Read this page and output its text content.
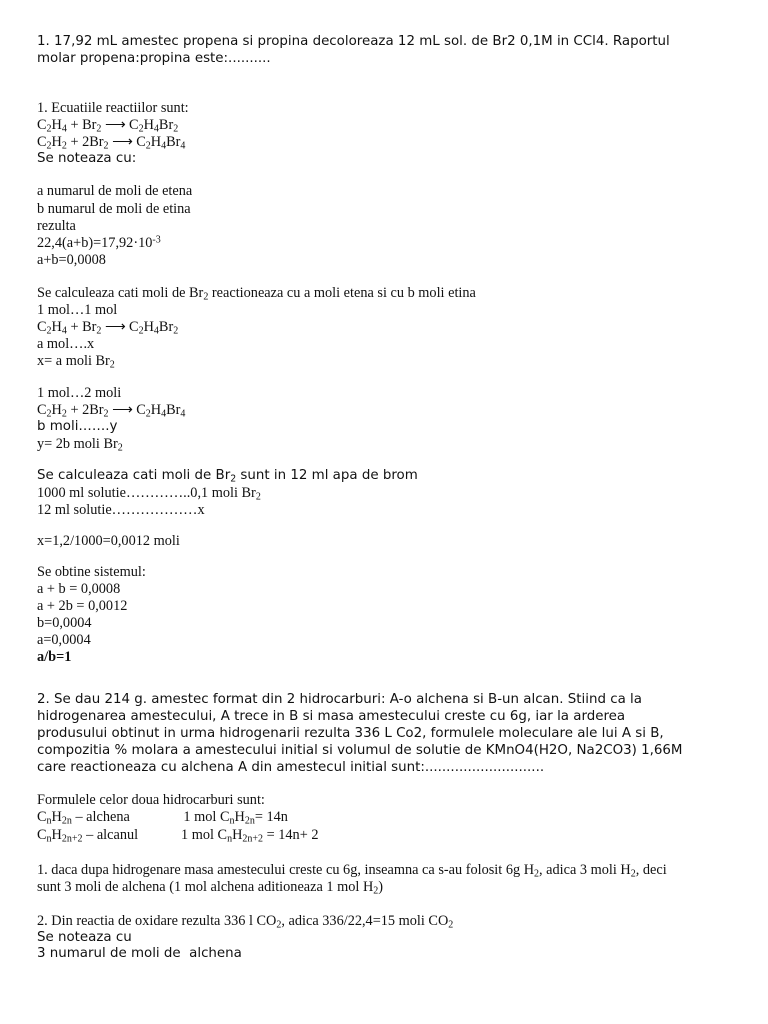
1. 17,92 mL amestec propena si propina decoloreaza 12 mL sol. de Br2 0,1M in CCl4. Raportul
molar propena:propina este:..........
1. Ecuatiile reactiilor sunt:
$C_2H_4 + Br_2$ ⟶ $C_2H_4Br_2$
$C_2H_2 + 2Br_2$ ⟶ $C_2H_4Br_4$
Se noteaza cu:
a numarul de moli de etena
b numarul de moli de etina
rezulta
$22,4(a+b)=17,92\cdot 10^{-3}$
a+b=0,0008
Se calculeaza cati moli de $Br_2$ reactioneaza cu a moli etena si cu b moli etina
1 mol…1 mol
$C_2H_4 + Br_2$ ⟶ $C_2H_4Br_2$
a mol….x
x= a moli $Br_2$
1 mol…2 moli
$C_2H_2 + 2Br_2$ ⟶ $C_2H_4Br_4$
b moli…….y
y= 2b moli $Br_2$
Se calculeaza cati moli de $Br_2$ sunt in 12 ml apa de brom
1000 ml solutie…………..0,1 moli $Br_2$
12 ml solutie………………x
x=1,2/1000=0,0012 moli
Se obtine sistemul:
a + b = 0,0008
a + 2b = 0,0012
b=0,0004
a=0,0004
a/b=1
2. Se dau 214 g. amestec format din 2 hidrocarburi: A-o alchena si B-un alcan. Stiind ca la
hidrogenarea amestecului, A trece in B si masa amestecului creste cu 6g, iar la arderea
produsului obtinut in urma hidrogenarii rezulta 336 L Co2, formulele moleculare ale lui A si B,
compozitia % molara a amestecului initial si volumul de solutie de KMnO4(H2O, Na2CO3) 1,66M
care reactioneaza cu alchena A din amestecul initial sunt:............................
Formulele celor doua hidrocarburi sunt:
$C_nH_{2n}$ – alchena               1 mol $C_nH_{2n}= 14n$
$C_nH_{2n+2}$ – alcanul            1 mol $C_nH_{2n+2} = 14n+ 2$
1. daca dupa hidrogenare masa amestecului creste cu 6g, inseamna ca s-au folosit 6g $H_2$, adica 3 moli $H_2$, deci
sunt 3 moli de alchena (1 mol alchena aditioneaza 1 mol $H_2$)
2. Din reactia de oxidare rezulta 336 l $CO_2$, adica 336/22,4=15 moli $CO_2$
Se noteaza cu
3 numarul de moli de  alchena
